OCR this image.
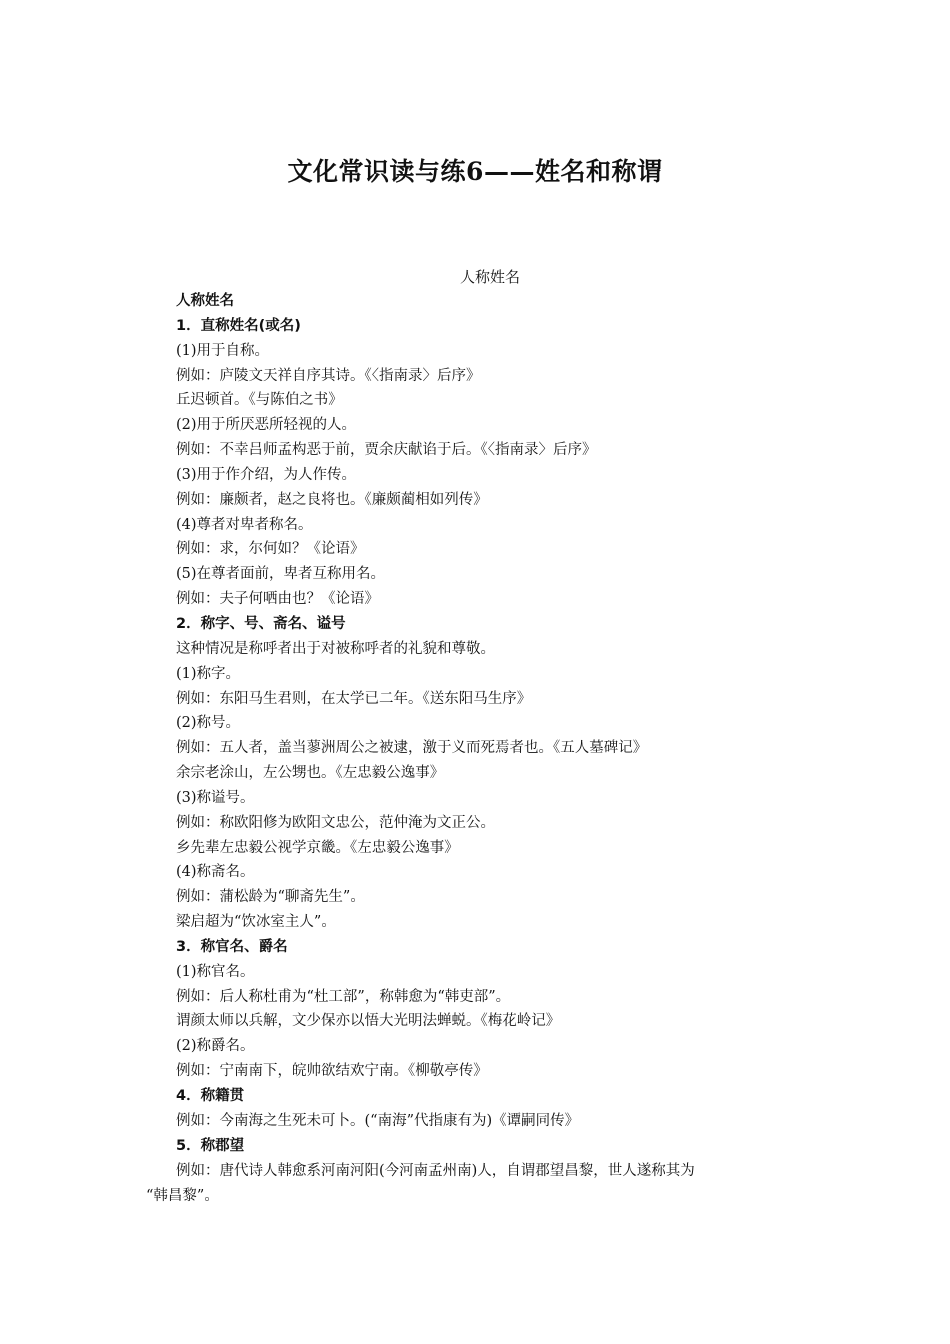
文化常识读与练6——姓名和称谓
人称姓名
人称姓名
1．直称姓名(或名)
(1)用于自称。
例如：庐陵文天祥自序其诗。《〈指南录〉后序》
丘迟顿首。《与陈伯之书》
(2)用于所厌恶所轻视的人。
例如：不幸吕师孟构恶于前，贾余庆献谄于后。《〈指南录〉后序》
(3)用于作介绍，为人作传。
例如：廉颇者，赵之良将也。《廉颇蔺相如列传》
(4)尊者对卑者称名。
例如：求，尔何如？《论语》
(5)在尊者面前，卑者互称用名。
例如：夫子何哂由也？《论语》
2．称字、号、斋名、谥号
这种情况是称呼者出于对被称呼者的礼貌和尊敬。
(1)称字。
例如：东阳马生君则，在太学已二年。《送东阳马生序》
(2)称号。
例如：五人者，盖当蓼洲周公之被逮，激于义而死焉者也。《五人墓碑记》
余宗老涂山，左公甥也。《左忠毅公逸事》
(3)称谥号。
例如：称欧阳修为欧阳文忠公，范仲淹为文正公。
乡先辈左忠毅公视学京畿。《左忠毅公逸事》
(4)称斋名。
例如：蒲松龄为“聊斋先生”。
梁启超为“饮冰室主人”。
3．称官名、爵名
(1)称官名。
例如：后人称杜甫为“杜工部”，称韩愈为“韩吏部”。
谓颜太师以兵解，文少保亦以悟大光明法蝉蜕。《梅花岭记》
(2)称爵名。
例如：宁南南下，皖帅欲结欢宁南。《柳敬亭传》
4．称籍贯
例如：今南海之生死未可卜。(“南海”代指康有为)《谭嗣同传》
5．称郡望
例如：唐代诗人韩愈系河南河阳(今河南孟州南)人，自谓郡望昌黎，世人遂称其为
“韩昌黎”。
